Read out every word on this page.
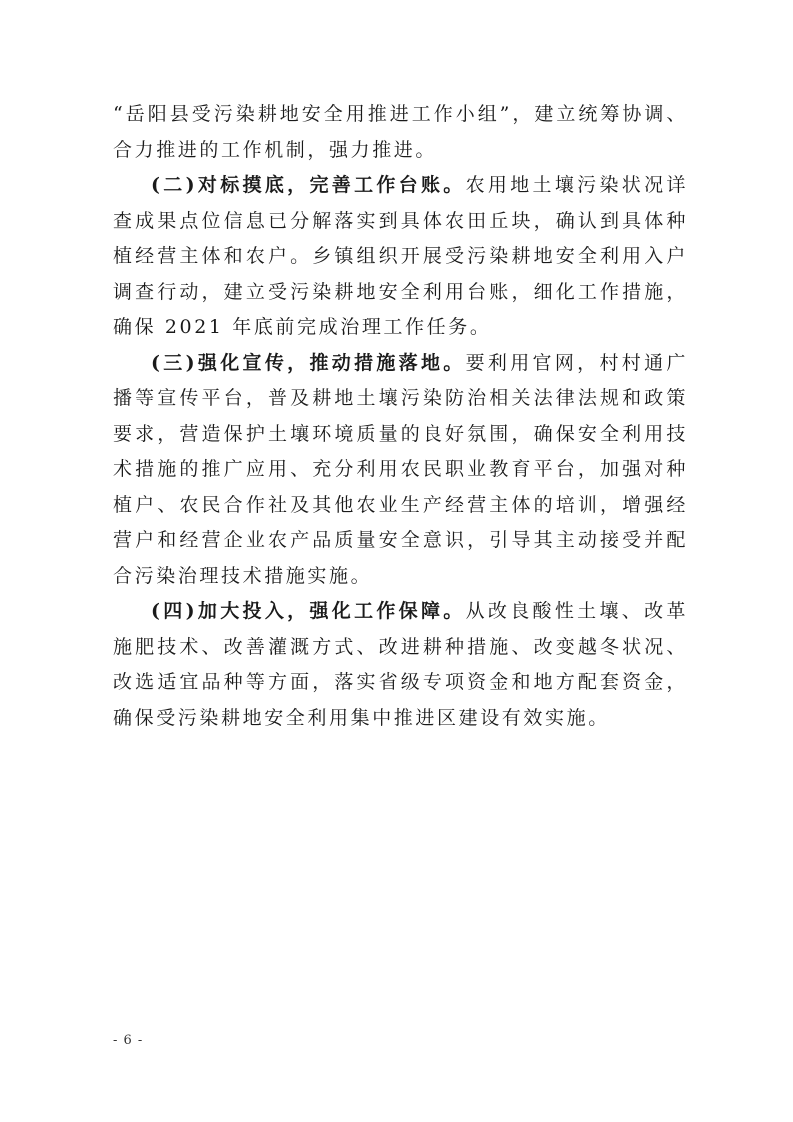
“岳阳县受污染耕地安全用推进工作小组”，建立统筹协调、合力推进的工作机制，强力推进。

(二)对标摸底，完善工作台账。农用地土壤污染状况详查成果点位信息已分解落实到具体农田丘块，确认到具体种植经营主体和农户。乡镇组织开展受污染耕地安全利用入户调查行动，建立受污染耕地安全利用台账，细化工作措施，确保 2021 年底前完成治理工作任务。

(三)强化宣传，推动措施落地。要利用官网，村村通广播等宣传平台，普及耕地土壤污染防治相关法律法规和政策要求，营造保护土壤环境质量的良好氛围，确保安全利用技术措施的推广应用、充分利用农民职业教育平台，加强对种植户、农民合作社及其他农业生产经营主体的培训，增强经营户和经营企业农产品质量安全意识，引导其主动接受并配合污染治理技术措施实施。

(四)加大投入，强化工作保障。从改良酸性土壤、改革施肥技术、改善灌溉方式、改进耕种措施、改变越冬状况、改选适宜品种等方面，落实省级专项资金和地方配套资金，确保受污染耕地安全利用集中推进区建设有效实施。

- 6 -
